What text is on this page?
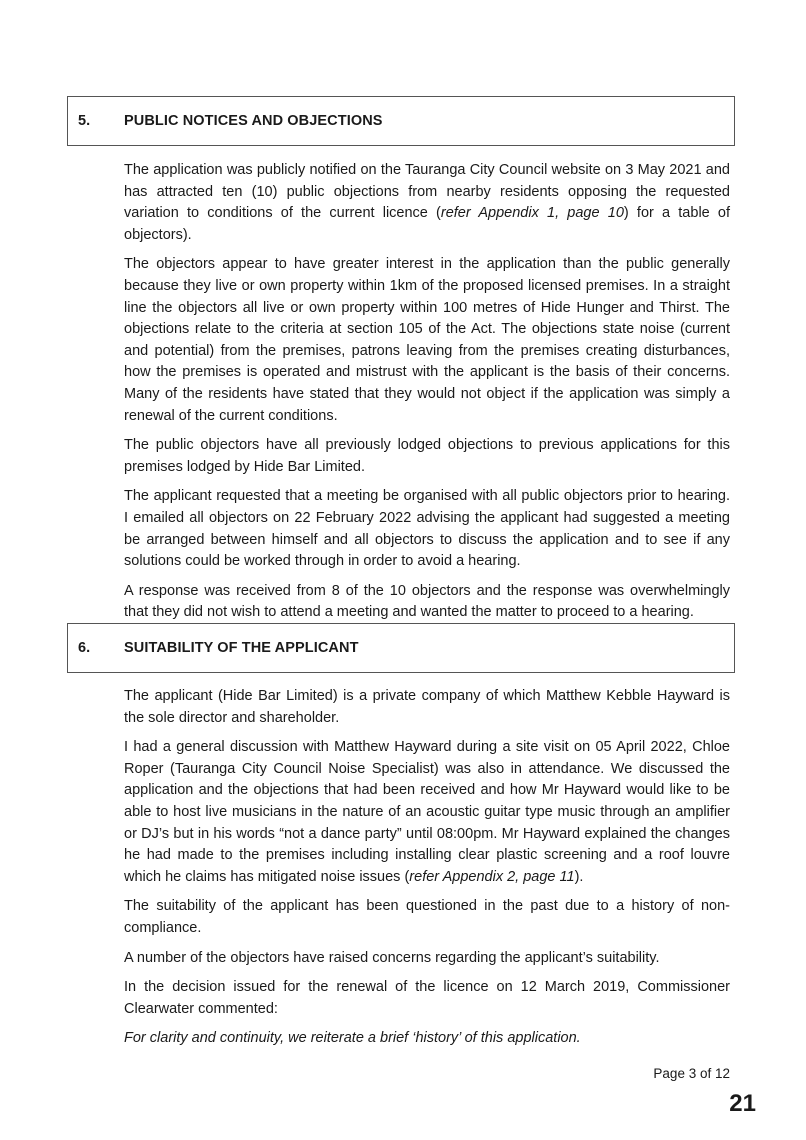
5. PUBLIC NOTICES AND OBJECTIONS

The application was publicly notified on the Tauranga City Council website on 3 May 2021 and has attracted ten (10) public objections from nearby residents opposing the requested variation to conditions of the current licence (refer Appendix 1, page 10) for a table of objectors).

The objectors appear to have greater interest in the application than the public generally because they live or own property within 1km of the proposed licensed premises. In a straight line the objectors all live or own property within 100 metres of Hide Hunger and Thirst. The objections relate to the criteria at section 105 of the Act. The objections state noise (current and potential) from the premises, patrons leaving from the premises creating disturbances, how the premises is operated and mistrust with the applicant is the basis of their concerns. Many of the residents have stated that they would not object if the application was simply a renewal of the current conditions.

The public objectors have all previously lodged objections to previous applications for this premises lodged by Hide Bar Limited.

The applicant requested that a meeting be organised with all public objectors prior to hearing. I emailed all objectors on 22 February 2022 advising the applicant had suggested a meeting be arranged between himself and all objectors to discuss the application and to see if any solutions could be worked through in order to avoid a hearing.

A response was received from 8 of the 10 objectors and the response was overwhelmingly that they did not wish to attend a meeting and wanted the matter to proceed to a hearing.

6. SUITABILITY OF THE APPLICANT

The applicant (Hide Bar Limited) is a private company of which Matthew Kebble Hayward is the sole director and shareholder.

I had a general discussion with Matthew Hayward during a site visit on 05 April 2022, Chloe Roper (Tauranga City Council Noise Specialist) was also in attendance. We discussed the application and the objections that had been received and how Mr Hayward would like to be able to host live musicians in the nature of an acoustic guitar type music through an amplifier or DJ’s but in his words “not a dance party” until 08:00pm. Mr Hayward explained the changes he had made to the premises including installing clear plastic screening and a roof louvre which he claims has mitigated noise issues (refer Appendix 2, page 11).

The suitability of the applicant has been questioned in the past due to a history of non-compliance.

A number of the objectors have raised concerns regarding the applicant’s suitability.

In the decision issued for the renewal of the licence on 12 March 2019, Commissioner Clearwater commented:

For clarity and continuity, we reiterate a brief ‘history’ of this application.

Page 3 of 12
21
